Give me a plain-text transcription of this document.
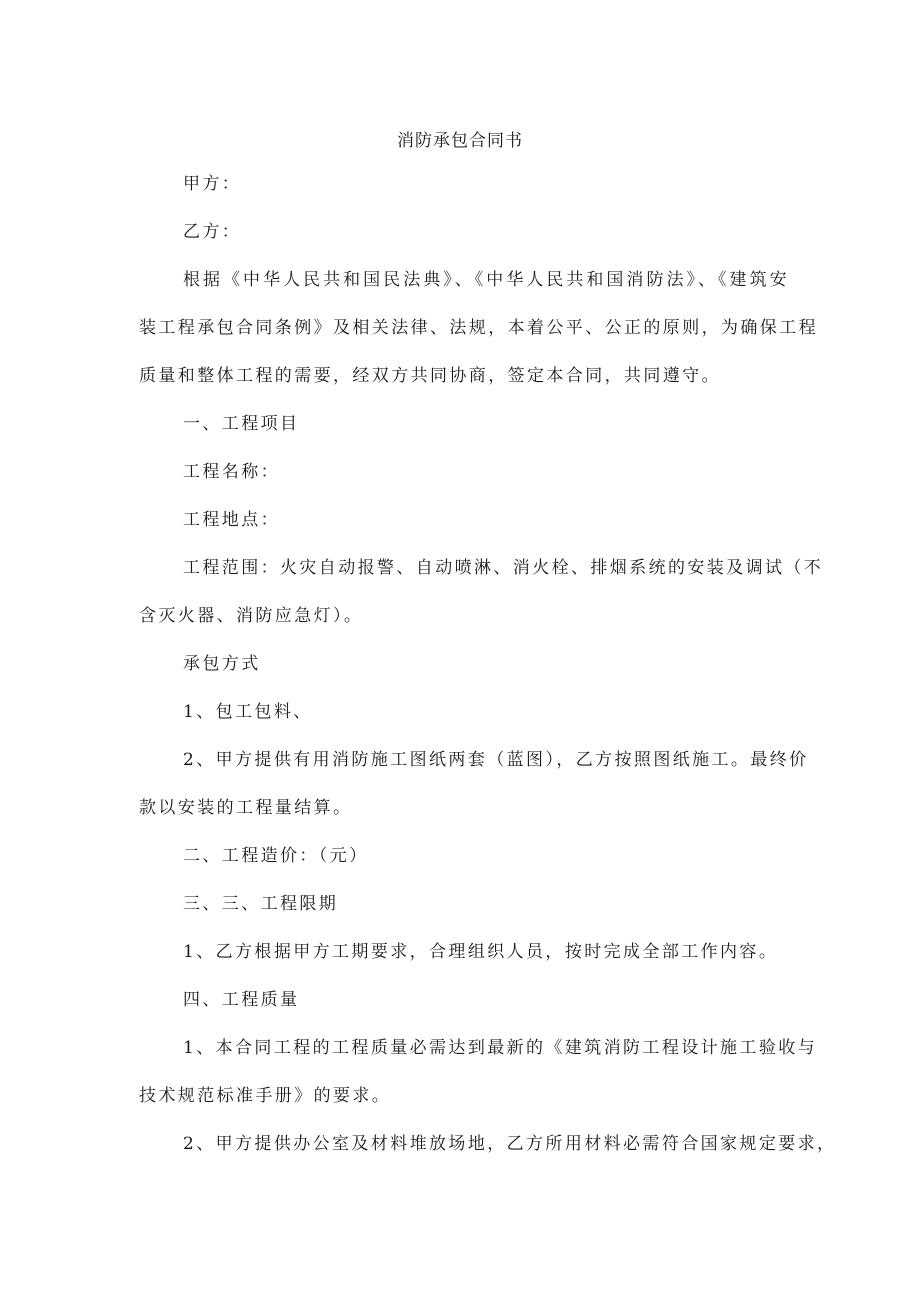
消防承包合同书
甲方：
乙方：
根据《中华人民共和国民法典》、《中华人民共和国消防法》、《建筑安
装工程承包合同条例》及相关法律、法规，本着公平、公正的原则，为确保工程
质量和整体工程的需要，经双方共同协商，签定本合同，共同遵守。
一、工程项目
工程名称：
工程地点：
工程范围：火灾自动报警、自动喷淋、消火栓、排烟系统的安装及调试（不
含灭火器、消防应急灯）。
承包方式
1、包工包料、
2、甲方提供有用消防施工图纸两套（蓝图），乙方按照图纸施工。最终价
款以安装的工程量结算。
二、工程造价：（元）
三、三、工程限期
1、乙方根据甲方工期要求，合理组织人员，按时完成全部工作内容。
四、工程质量
1、本合同工程的工程质量必需达到最新的《建筑消防工程设计施工验收与
技术规范标准手册》的要求。
2、甲方提供办公室及材料堆放场地，乙方所用材料必需符合国家规定要求，
